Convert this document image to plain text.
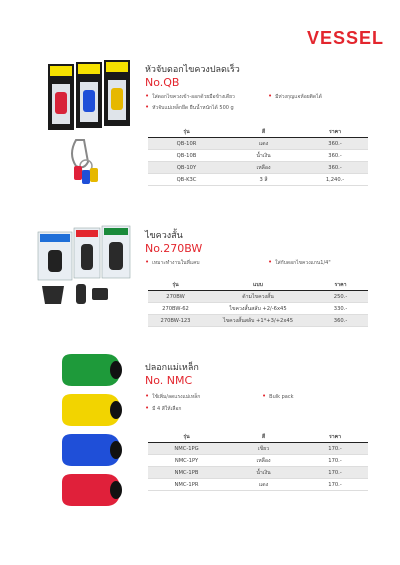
VESSEL
หัวจับดอกไขควงปลดเร็ว
No.QB
• ใส่ดอกไขควงเข้า-ออกด้วยมือข้างเดียว	• มีห่วงกุญแจห้อยติดได้
• หัวจับแม่เหล็กยึด ยืนน้ำหนักได้ 500 g
รุ่น	สี	ราคา
QB-10R	แดง	360.-
QB-10B	น้ำเงิน	360.-
QB-10Y	เหลือง	360.-
QB-K3C	3 สี	1,240.-
ไขควงสั้น
No.270BW
• เหมาะทำงานในที่แคบ	• ใส่กับดอกไขควงแกน1/4"
รุ่น	แบบ	ราคา
270BW	ด้ามไขควงสั้น	250.-
270BW-62	ไขควงสั้นสลับ +2/-6x45	330.-
270BW-123	ไขควงสั้นสลับ +1*+3/+2x45	360.-
ปลอกแม่เหล็ก
No. NMC
• ใช้เพิ่ม/ลดแรงแม่เหล็ก	• Bulk pack
• มี 4 สีให้เลือก
รุ่น	สี	ราคา
NMC-1PG	เขียว	170.-
NMC-1PY	เหลือง	170.-
NMC-1PB	น้ำเงิน	170.-
NMC-1PR	แดง	170.-
